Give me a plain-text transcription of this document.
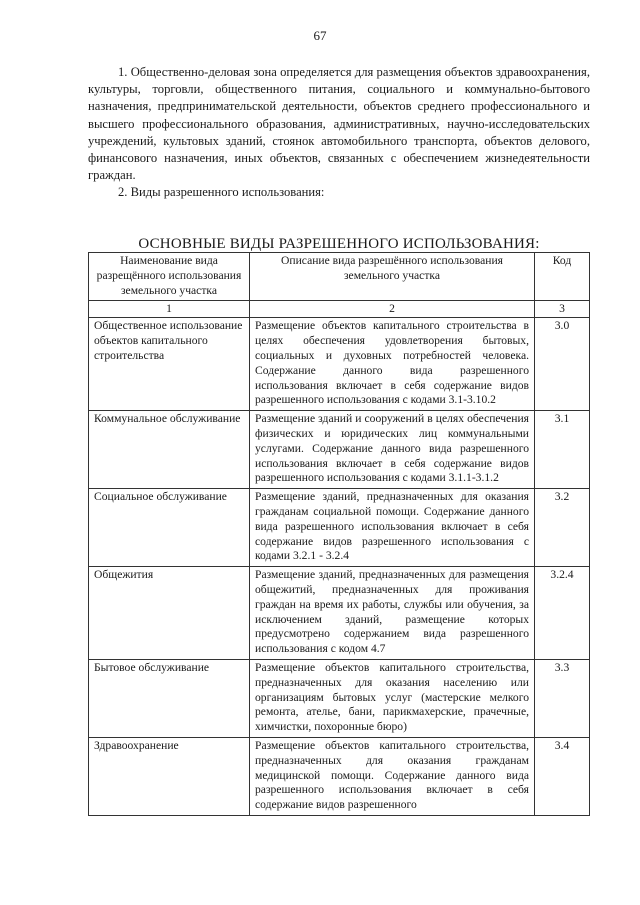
67

1. Общественно-деловая зона определяется для размещения объектов здравоохранения, культуры, торговли, общественного питания, социального и коммунально-бытового назначения, предпринимательской деятельности, объектов среднего профессионального и высшего профессионального образования, административных, научно-исследовательских учреждений, культовых зданий, стоянок автомобильного транспорта, объектов делового, финансового назначения, иных объектов, связанных с обеспечением жизнедеятельности граждан.

2. Виды разрешенного использования:

ОСНОВНЫЕ ВИДЫ РАЗРЕШЕННОГО ИСПОЛЬЗОВАНИЯ:
Наименование вида разрещённого использования земельного участка	Описание вида разрешённого использования земельного участка	Код
1	2	3
Общественное использование объектов капитального строительства	Размещение объектов капитального строительства в целях обеспечения удовлетворения бытовых, социальных и духовных потребностей человека. Содержание данного вида разрешенного использования включает в себя содержание видов разрешенного использования с кодами 3.1-3.10.2	3.0
Коммунальное обслуживание	Размещение зданий и сооружений в целях обеспечения физических и юридических лиц коммунальными услугами. Содержание данного вида разрешенного использования включает в себя содержание видов разрешенного использования с кодами 3.1.1-3.1.2	3.1
Социальное обслуживание	Размещение зданий, предназначенных для оказания гражданам социальной помощи. Содержание данного вида разрешенного использования включает в себя содержание видов разрешенного использования с кодами 3.2.1 - 3.2.4	3.2
Общежития	Размещение зданий, предназначенных для размещения общежитий, предназначенных для проживания граждан на время их работы, службы или обучения, за исключением зданий, размещение которых предусмотрено содержанием вида разрешенного использования с кодом 4.7	3.2.4
Бытовое обслуживание	Размещение объектов капитального строительства, предназначенных для оказания населению или организациям бытовых услуг (мастерские мелкого ремонта, ателье, бани, парикмахерские, прачечные, химчистки, похоронные бюро)	3.3
Здравоохранение	Размещение объектов капитального строительства, предназначенных для оказания гражданам медицинской помощи. Содержание данного вида разрешенного использования включает в себя содержание видов разрешенного	3.4
